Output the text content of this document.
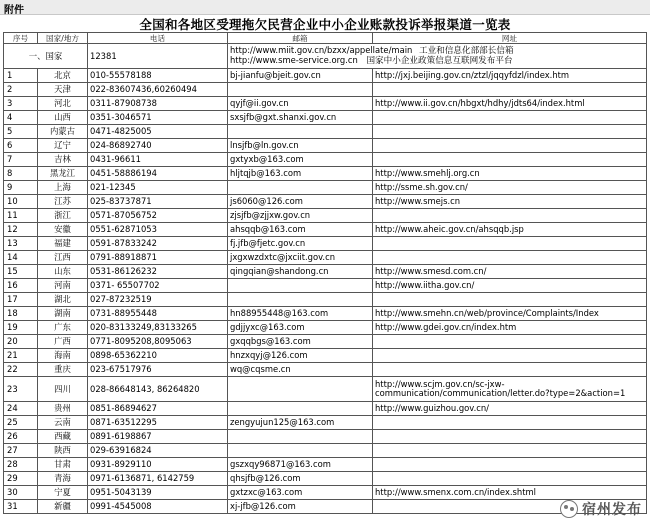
附件
全国和各地区受理拖欠民营企业中小企业账款投诉举报渠道一览表
序号	国家/地方	电话	邮箱	网址
一、国家		12381	http://www.miit.gov.cn/bzxx/appellate/main 工业和信息化部部长信箱
http://www.sme-service.org.cn 国家中小企业政策信息互联网发布平台	

1	北京	010-55578188	bj-jianfu@bjeit.gov.cn	http://jxj.beijing.gov.cn/ztzl/jqqyfdzl/index.htm
2	天津	022-83607436,60260494		
3	河北	0311-87908738	qyjf@ii.gov.cn	http://www.ii.gov.cn/hbgxt/hdhy/jdts64/index.html
4	山西	0351-3046571	sxsjfb@gxt.shanxi.gov.cn	
5	内蒙古	0471-4825005		
6	辽宁	024-86892740	lnsjfb@ln.gov.cn	
7	吉林	0431-96611	gxtyxb@163.com	
8	黑龙江	0451-58886194	hljtqjb@163.com	http://www.smehlj.org.cn
9	上海	021-12345		http://ssme.sh.gov.cn/
10	江苏	025-83737871	js6060@126.com	http://www.smejs.cn
11	浙江	0571-87056752	zjsjfb@zjjxw.gov.cn	
12	安徽	0551-62871053	ahsqqb@163.com	http://www.aheic.gov.cn/ahsqqb.jsp
13	福建	0591-87833242	fj.jfb@fjetc.gov.cn	
14	江西	0791-88918871	jxgxwzdxtc@jxciit.gov.cn	
15	山东	0531-86126232	qingqian@shandong.cn	http://www.smesd.com.cn/
16	河南	0371- 65507702		http://www.iitha.gov.cn/
17	湖北	027-87232519		
18	湖南	0731-88955448	hn88955448@163.com	http://www.smehn.cn/web/province/Complaints/Index
19	广东	020-83133249,83133265	gdjjyxc@163.com	http://www.gdei.gov.cn/index.htm
20	广西	0771-8095208,8095063	gxqqbgs@163.com	
21	海南	0898-65362210	hnzxqyj@126.com	
22	重庆	023-67517976	wq@cqsme.cn	
23	四川	028-86648143, 86264820		http://www.scjm.gov.cn/sc-jxw-communication/communication/letter.do?type=2&action=1
24	贵州	0851-86894627		http://www.guizhou.gov.cn/
25	云南	0871-63512295	zengyujun125@163.com	
26	西藏	0891-6198867		
27	陕西	029-63916824		
28	甘肃	0931-8929110	gszxqy96871@163.com	
29	青海	0971-6136871, 6142759	qhsjfb@126.com	
30	宁夏	0951-5043139	gxtzxc@163.com	http://www.smenx.com.cn/index.shtml
31	新疆	0991-4545008	xj-jfb@126.com		宿州发布
